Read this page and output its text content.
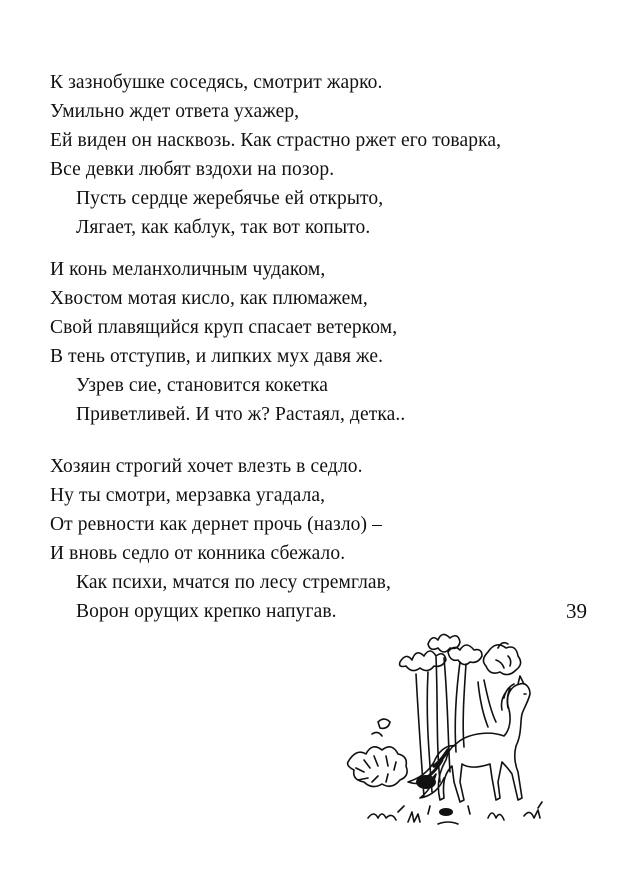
К зазнобушке соседясь, смотрит жарко.
Умильно ждет ответа ухажер,
Ей виден он насквозь. Как страстно ржет его товарка,
Все девки любят вздохи на позор.
Пусть сердце жеребячье ей открыто,
Лягает, как каблук, так вот копыто.
И конь меланхоличным чудаком,
Хвостом мотая кисло, как плюмажем,
Свой плавящийся круп спасает ветерком,
В тень отступив, и липких мух давя же.
Узрев сие, становится кокетка
Приветливей. И что ж? Растаял, детка..
Хозяин строгий хочет влезть в седло.
Ну ты смотри, мерзавка угадала,
От ревности как дернет прочь (назло) –
И вновь седло от конника сбежало.
Как психи, мчатся по лесу стремглав,
Ворон орущих крепко напугав.	39
